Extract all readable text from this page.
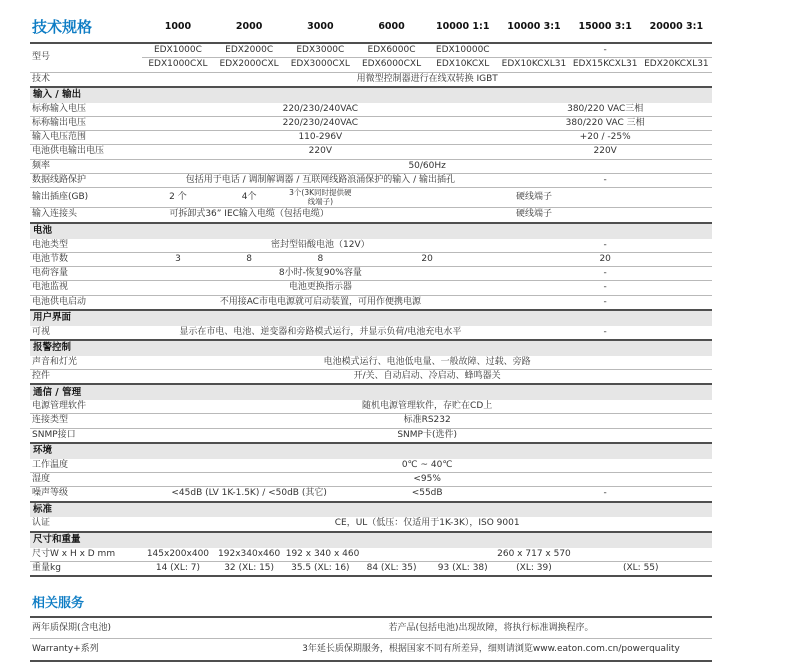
技术规格	1000	2000	3000	6000	10000 1:1	10000 3:1	15000 3:1	20000 3:1
型号	EDX1000C	EDX2000C	EDX3000C	EDX6000C	EDX10000C	-		
	EDX1000CXL	EDX2000CXL	EDX3000CXL	EDX6000CXL	EDX10KCXL	EDX10KCXL31	EDX15KCXL31	EDX20KCXL31
技术	用微型控制器进行在线双转换 IGBT							
输入 / 输出								
标称输入电压	220/230/240VAC					380/220 VAC三相		
标称输出电压	220/230/240VAC					380/220 VAC 三相		
输入电压范围	110-296V					+20 / -25%		
电池供电输出电压	220V					220V		
频率	50/60Hz							
数据线路保护	包括用于电话 / 调制解调器 / 互联网线路浪涌保护的输入 / 输出插孔					-		
输出插座(GB)	2 个	4个	3个(3K同时提供硬线端子)	硬线端子				
输入连接头	可拆卸式36” IEC输入电缆（包括电缆）			硬线端子				
电池								
电池类型	密封型铅酸电池（12V）					-		
电池节数	3	8	8	20		20		
电荷容量	8小时-恢复90%容量					-		
电池监视	电池更换指示器					-		
电池供电启动	不用接AC市电电源就可启动装置，可用作便携电源					-		
用户界面								
可视	显示在市电、电池、逆变器和旁路模式运行，并显示负荷/电池充电水平					-		
报警控制								
声音和灯光	电池模式运行、电池低电量、一般故障、过载、旁路							
控件	开/关、自动启动、冷启动、蜂鸣器关							
通信 / 管理								
电源管理软件	随机电源管理软件，存贮在CD上							
连接类型	标准RS232							
SNMP接口	SNMP卡(选件)							
环境								
工作温度	0℃ ~ 40℃							
湿度	<95%							
噪声等级	<45dB (LV 1K-1.5K) / <50dB (其它)			<55dB		-		
标准								
认证	CE，UL（低压：仅适用于1K-3K），ISO 9001							
尺寸和重量								
尺寸W x H x D mm	145x200x400	192x340x460	192 x 340 x 460	260 x 717 x 570				
重量kg	14 (XL: 7)	32 (XL: 15)	35.5 (XL: 16)	84 (XL: 35)	93 (XL: 38)	(XL: 39)	(XL: 55)	
相关服务
两年质保期(含电池)	若产品(包括电池)出现故障，将执行标准调换程序。
Warranty+系列	3年延长质保期服务，根据国家不同有所差异，细则请浏览www.eaton.com.cn/powerquality
